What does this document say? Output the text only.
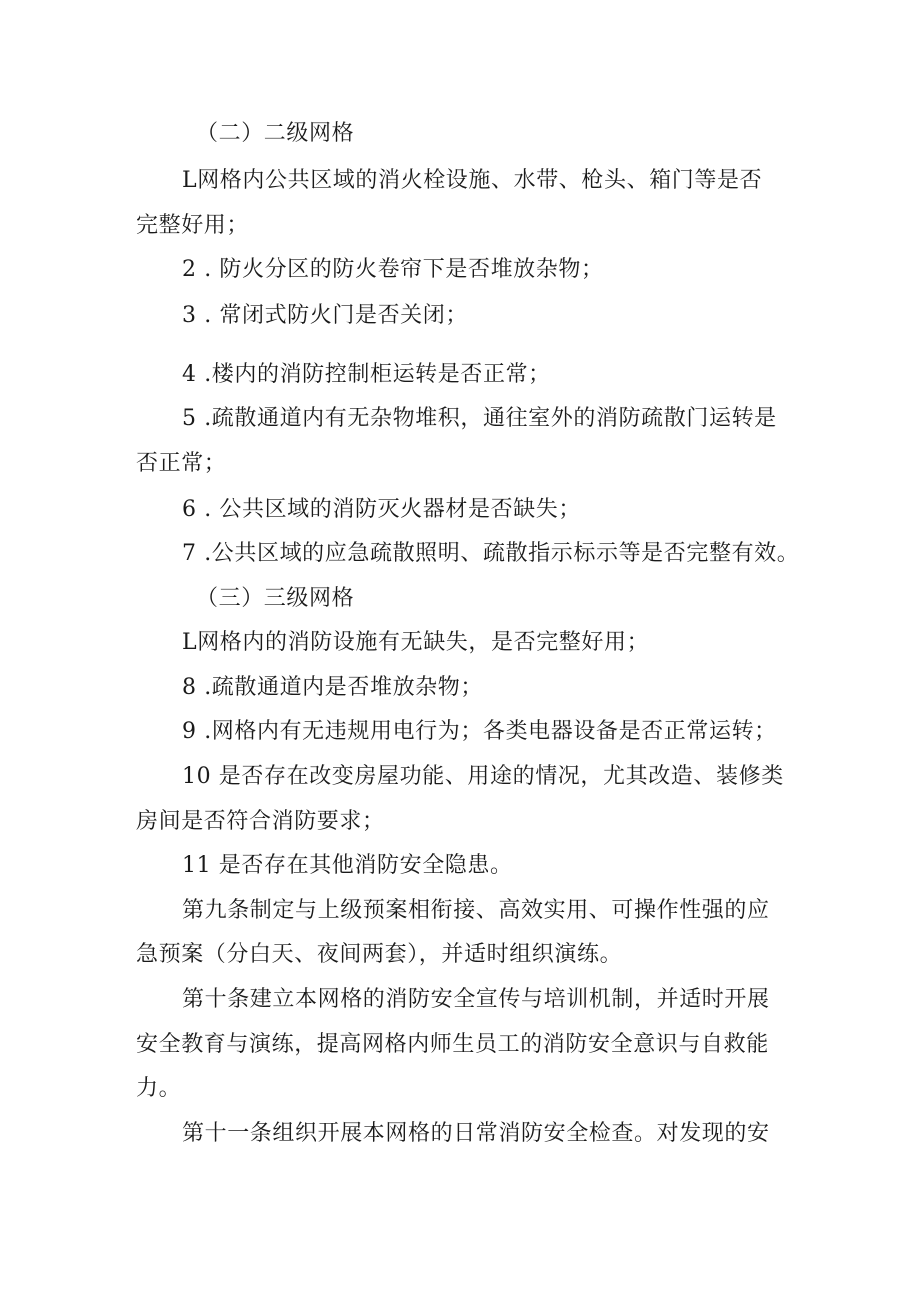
（二）二级网格
L网格内公共区域的消火栓设施、水带、枪头、箱门等是否
完整好用；
2 . 防火分区的防火卷帘下是否堆放杂物；
3 . 常闭式防火门是否关闭；
4 .楼内的消防控制柜运转是否正常；
5 .疏散通道内有无杂物堆积，通往室外的消防疏散门运转是
否正常；
6 . 公共区域的消防灭火器材是否缺失；
7 .公共区域的应急疏散照明、疏散指示标示等是否完整有效。
（三）三级网格
L网格内的消防设施有无缺失，是否完整好用；
8 .疏散通道内是否堆放杂物；
9 .网格内有无违规用电行为；各类电器设备是否正常运转；
10 是否存在改变房屋功能、用途的情况，尤其改造、装修类
房间是否符合消防要求；
11 是否存在其他消防安全隐患。
第九条制定与上级预案相衔接、高效实用、可操作性强的应
急预案（分白天、夜间两套），并适时组织演练。
第十条建立本网格的消防安全宣传与培训机制，并适时开展
安全教育与演练，提高网格内师生员工的消防安全意识与自救能
力。
第十一条组织开展本网格的日常消防安全检查。对发现的安
